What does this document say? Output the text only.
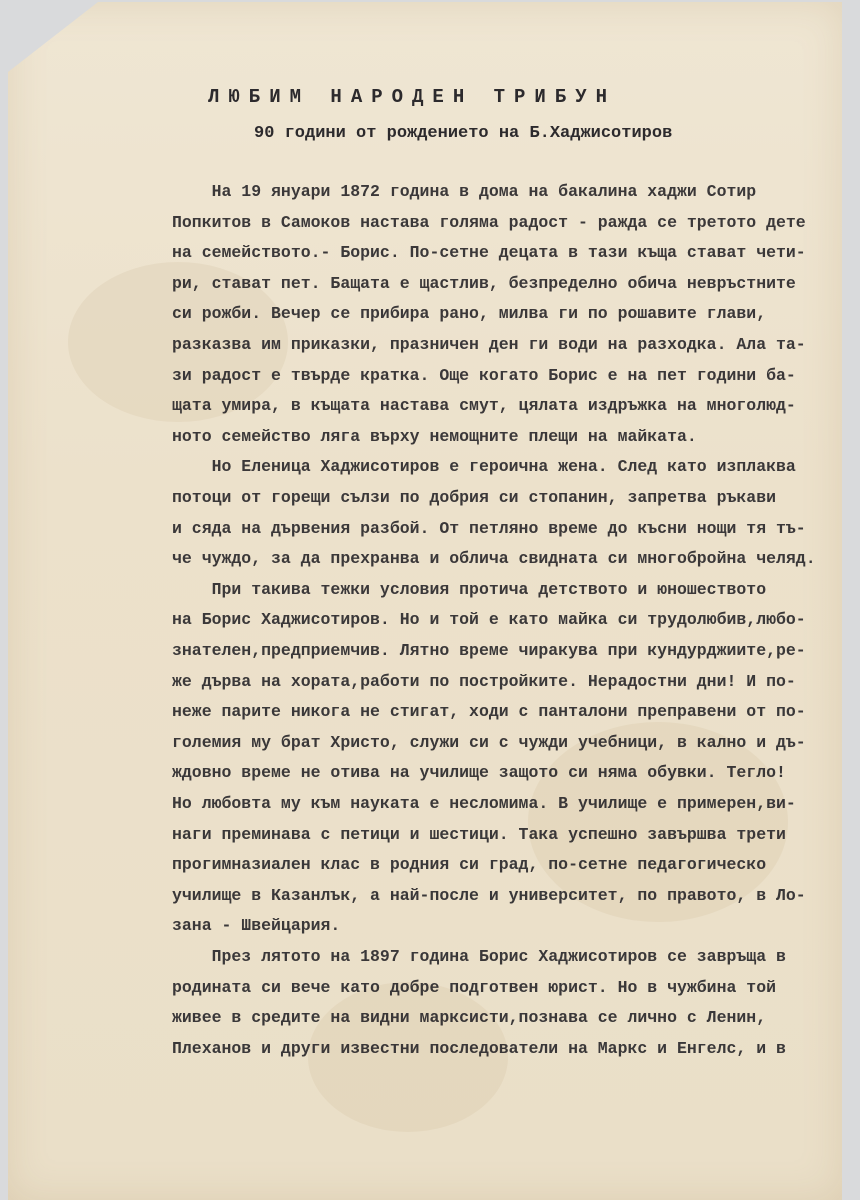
ЛЮБИМ НАРОДЕН ТРИБУН
90 години от рождението на Б.Хаджисотиров
На 19 януари 1872 година в дома на бакалина хаджи Сотир
Попкитов в Самоков настава голяма радост - ражда се третото дете
на семейството.- Борис. По-сетне децата в тази къща стават чети-
ри, стават пет. Бащата е щастлив, безпределно обича невръстните
си рожби. Вечер се прибира рано, милва ги по рошавите глави,
разказва им приказки, празничен ден ги води на разходка. Ала та-
зи радост е твърде кратка. Още когато Борис е на пет години ба-
щата умира, в къщата настава смут, цялата издръжка на многолюд-
ното семейство ляга върху немощните плещи на майката.
Но Еленица Хаджисотиров е героична жена. След като изплаква
потоци от горещи сълзи по добрия си стопанин, запретва ръкави
и сяда на дървения разбой. От петляно време до късни нощи тя тъ-
че чуждо, за да прехранва и облича свидната си многобройна челяд.
При такива тежки условия протича детството и юношеството
на Борис Хаджисотиров. Но и той е като майка си трудолюбив,любо-
знателен,предприемчив. Лятно време чиракува при кундурджиите,ре-
же дърва на хората,работи по постройките. Нерадостни дни! И по-
неже парите никога не стигат, ходи с панталони преправени от по-
големия му брат Христо, служи си с чужди учебници, в кално и дъ-
ждовно време не отива на училище защото си няма обувки. Тегло!
Но любовта му към науката е несломима. В училище е примерен,ви-
наги преминава с петици и шестици. Така успешно завършва трети
прогимназиален клас в родния си град, по-сетне педагогическо
училище в Казанлък, а най-после и университет, по правото, в Ло-
зана - Швейцария.
През лятото на 1897 година Борис Хаджисотиров се завръща в
родината си вече като добре подготвен юрист. Но в чужбина той
живее в средите на видни марксисти,познава се лично с Ленин,
Плеханов и други известни последователи на Маркс и Енгелс, и в
